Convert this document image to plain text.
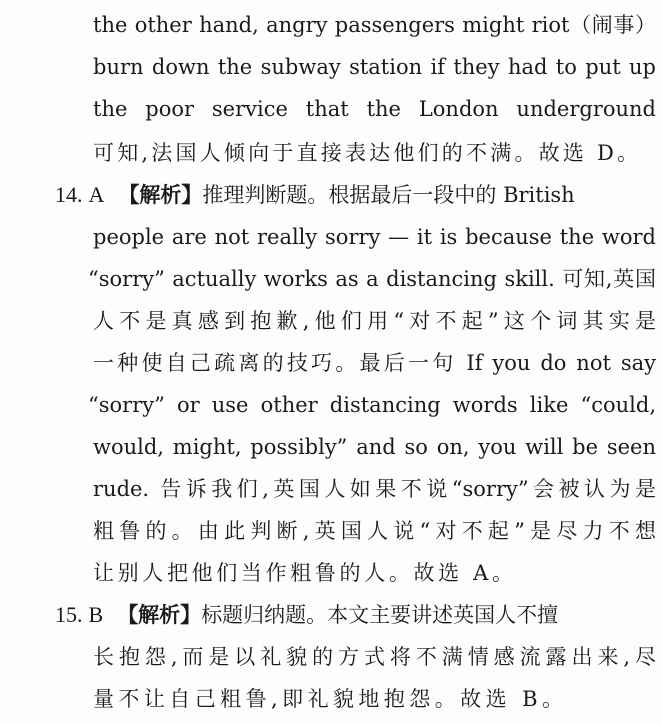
the other hand, angry passengers might riot（闹事）
burn down the subway station if they had to put up
the poor service that the London underground
可知,法国人倾向于直接表达他们的不满。故选 D。
14. A 【解析】推理判断题。根据最后一段中的 British
people are not really sorry — it is because the word
“sorry” actually works as a distancing skill. 可知,英国
人不是真感到抱歉,他们用“对不起”这个词其实是
一种使自己疏离的技巧。最后一句 If you do not say
“sorry” or use other distancing words like “could,
would, might, possibly” and so on, you will be seen
rude. 告诉我们,英国人如果不说“sorry”会被认为是
粗鲁的。由此判断,英国人说“对不起”是尽力不想
让别人把他们当作粗鲁的人。故选 A。
15. B 【解析】标题归纳题。本文主要讲述英国人不擅
长抱怨,而是以礼貌的方式将不满情感流露出来,尽
量不让自己粗鲁,即礼貌地抱怨。故选 B。
